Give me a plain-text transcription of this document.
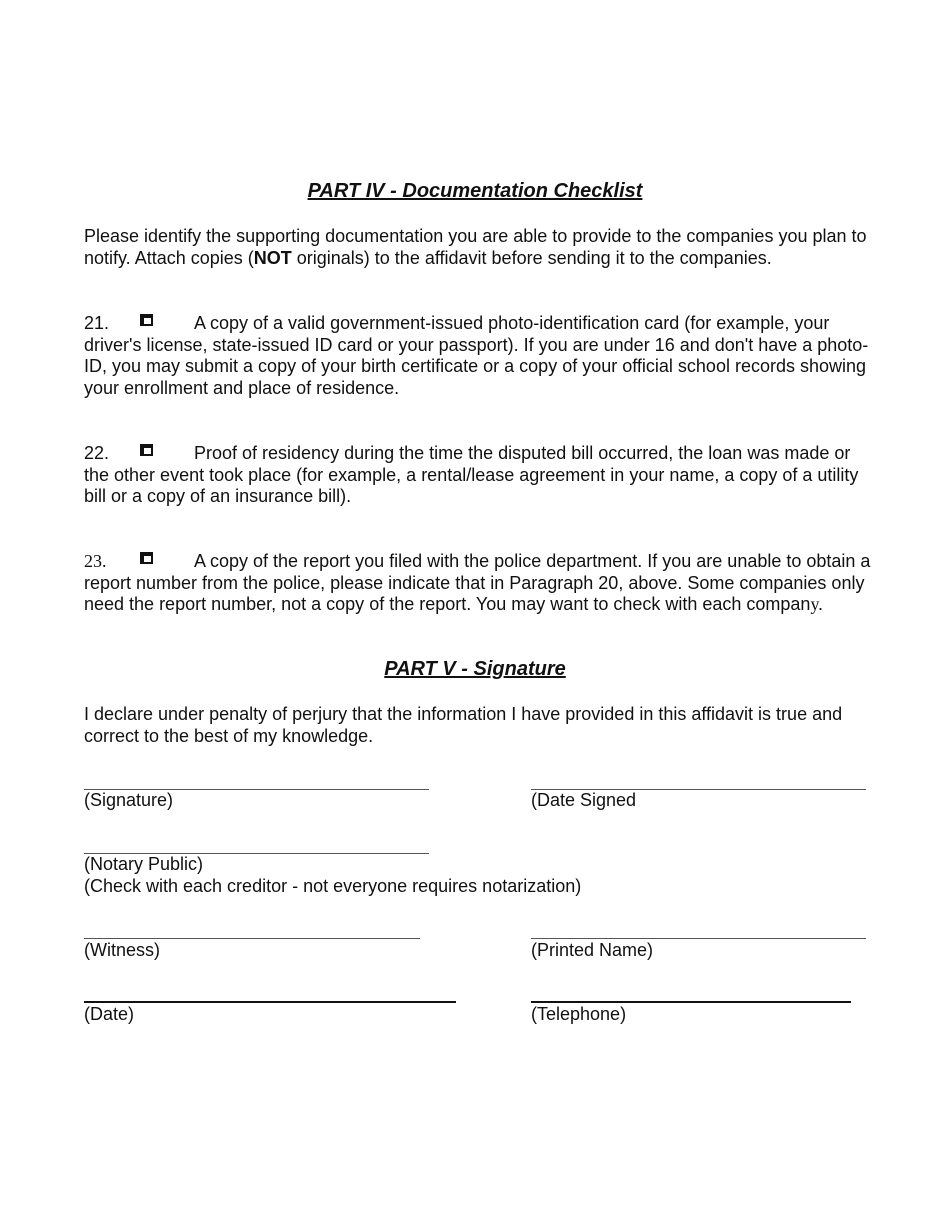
PART IV - Documentation Checklist

Please identify the supporting documentation you are able to provide to the companies you plan to notify. Attach copies (NOT originals) to the affidavit before sending it to the companies.

21.	A copy of a valid government-issued photo-identification card (for example, your driver's license, state-issued ID card or your passport). If you are under 16 and don't have a photo-ID, you may submit a copy of your birth certificate or a copy of your official school records showing your enrollment and place of residence.

22.	Proof of residency during the time the disputed bill occurred, the loan was made or the other event took place (for example, a rental/lease agreement in your name, a copy of a utility bill or a copy of an insurance bill).

23.	A copy of the report you filed with the police department. If you are unable to obtain a report number from the police, please indicate that in Paragraph 20, above. Some companies only need the report number, not a copy of the report. You may want to check with each company.

PART V - Signature

I declare under penalty of perjury that the information I have provided in this affidavit is true and correct to the best of my knowledge.

(Signature)	(Date Signed

(Notary Public)

(Check with each creditor - not everyone requires notarization)

(Witness)	(Printed Name)

(Date)	(Telephone)
